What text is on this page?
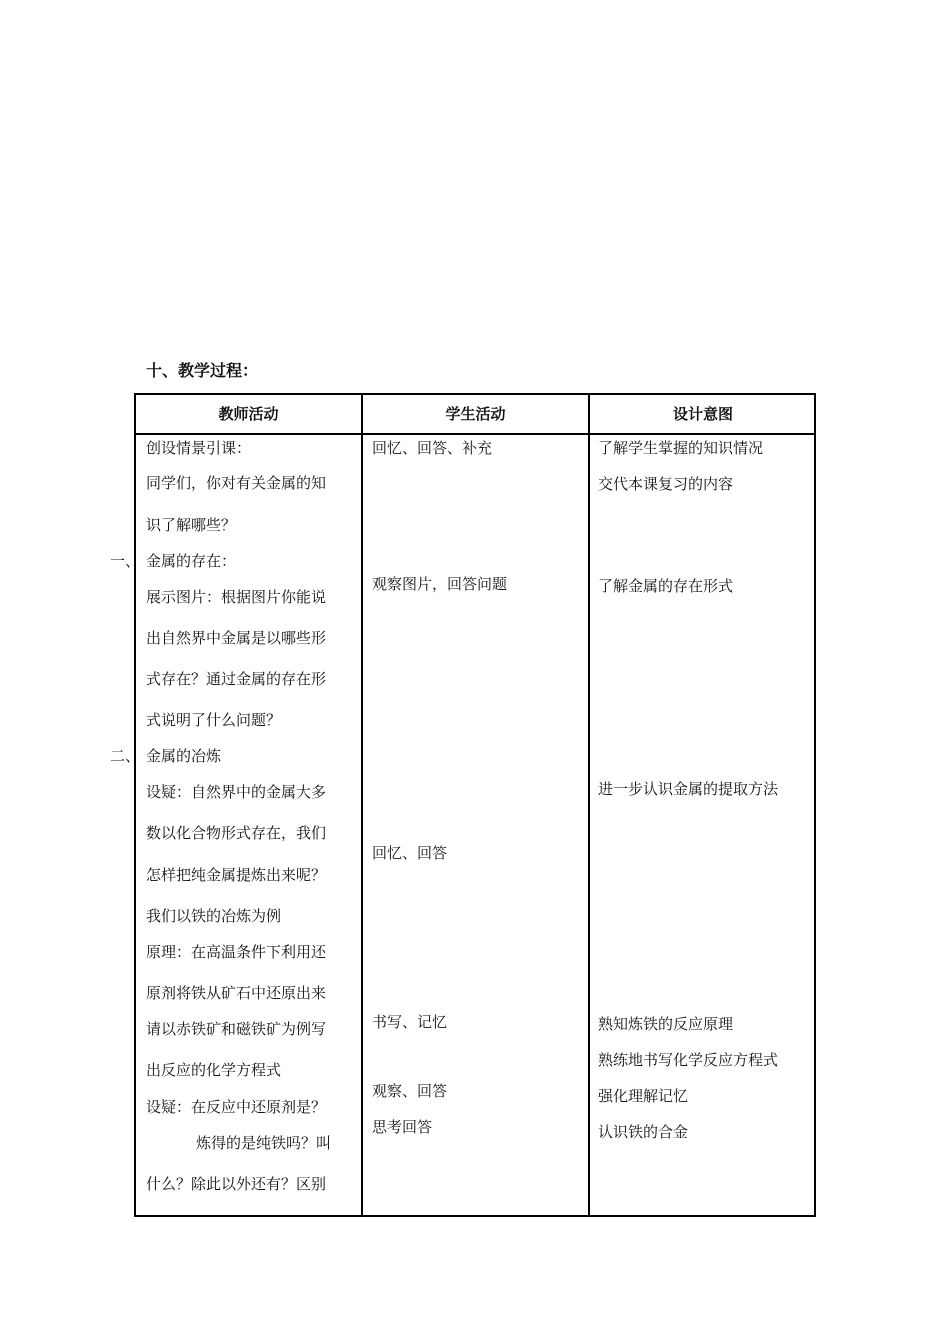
十、教学过程：
教师活动	学生活动	设计意图
一、
二、
创设情景引课：
同学们，你对有关金属的知
识了解哪些？
金属的存在：
展示图片：根据图片你能说
出自然界中金属是以哪些形
式存在？通过金属的存在形
式说明了什么问题？
金属的冶炼
设疑：自然界中的金属大多
数以化合物形式存在，我们
怎样把纯金属提炼出来呢？
我们以铁的冶炼为例
原理：在高温条件下利用还
原剂将铁从矿石中还原出来
请以赤铁矿和磁铁矿为例写
出反应的化学方程式
设疑：在反应中还原剂是？
炼得的是纯铁吗？叫
什么？除此以外还有？区别
回忆、回答、补充
观察图片，回答问题
回忆、回答
书写、记忆
观察、回答
思考回答
了解学生掌握的知识情况
交代本课复习的内容
了解金属的存在形式
进一步认识金属的提取方法
熟知炼铁的反应原理
熟练地书写化学反应方程式
强化理解记忆
认识铁的合金
